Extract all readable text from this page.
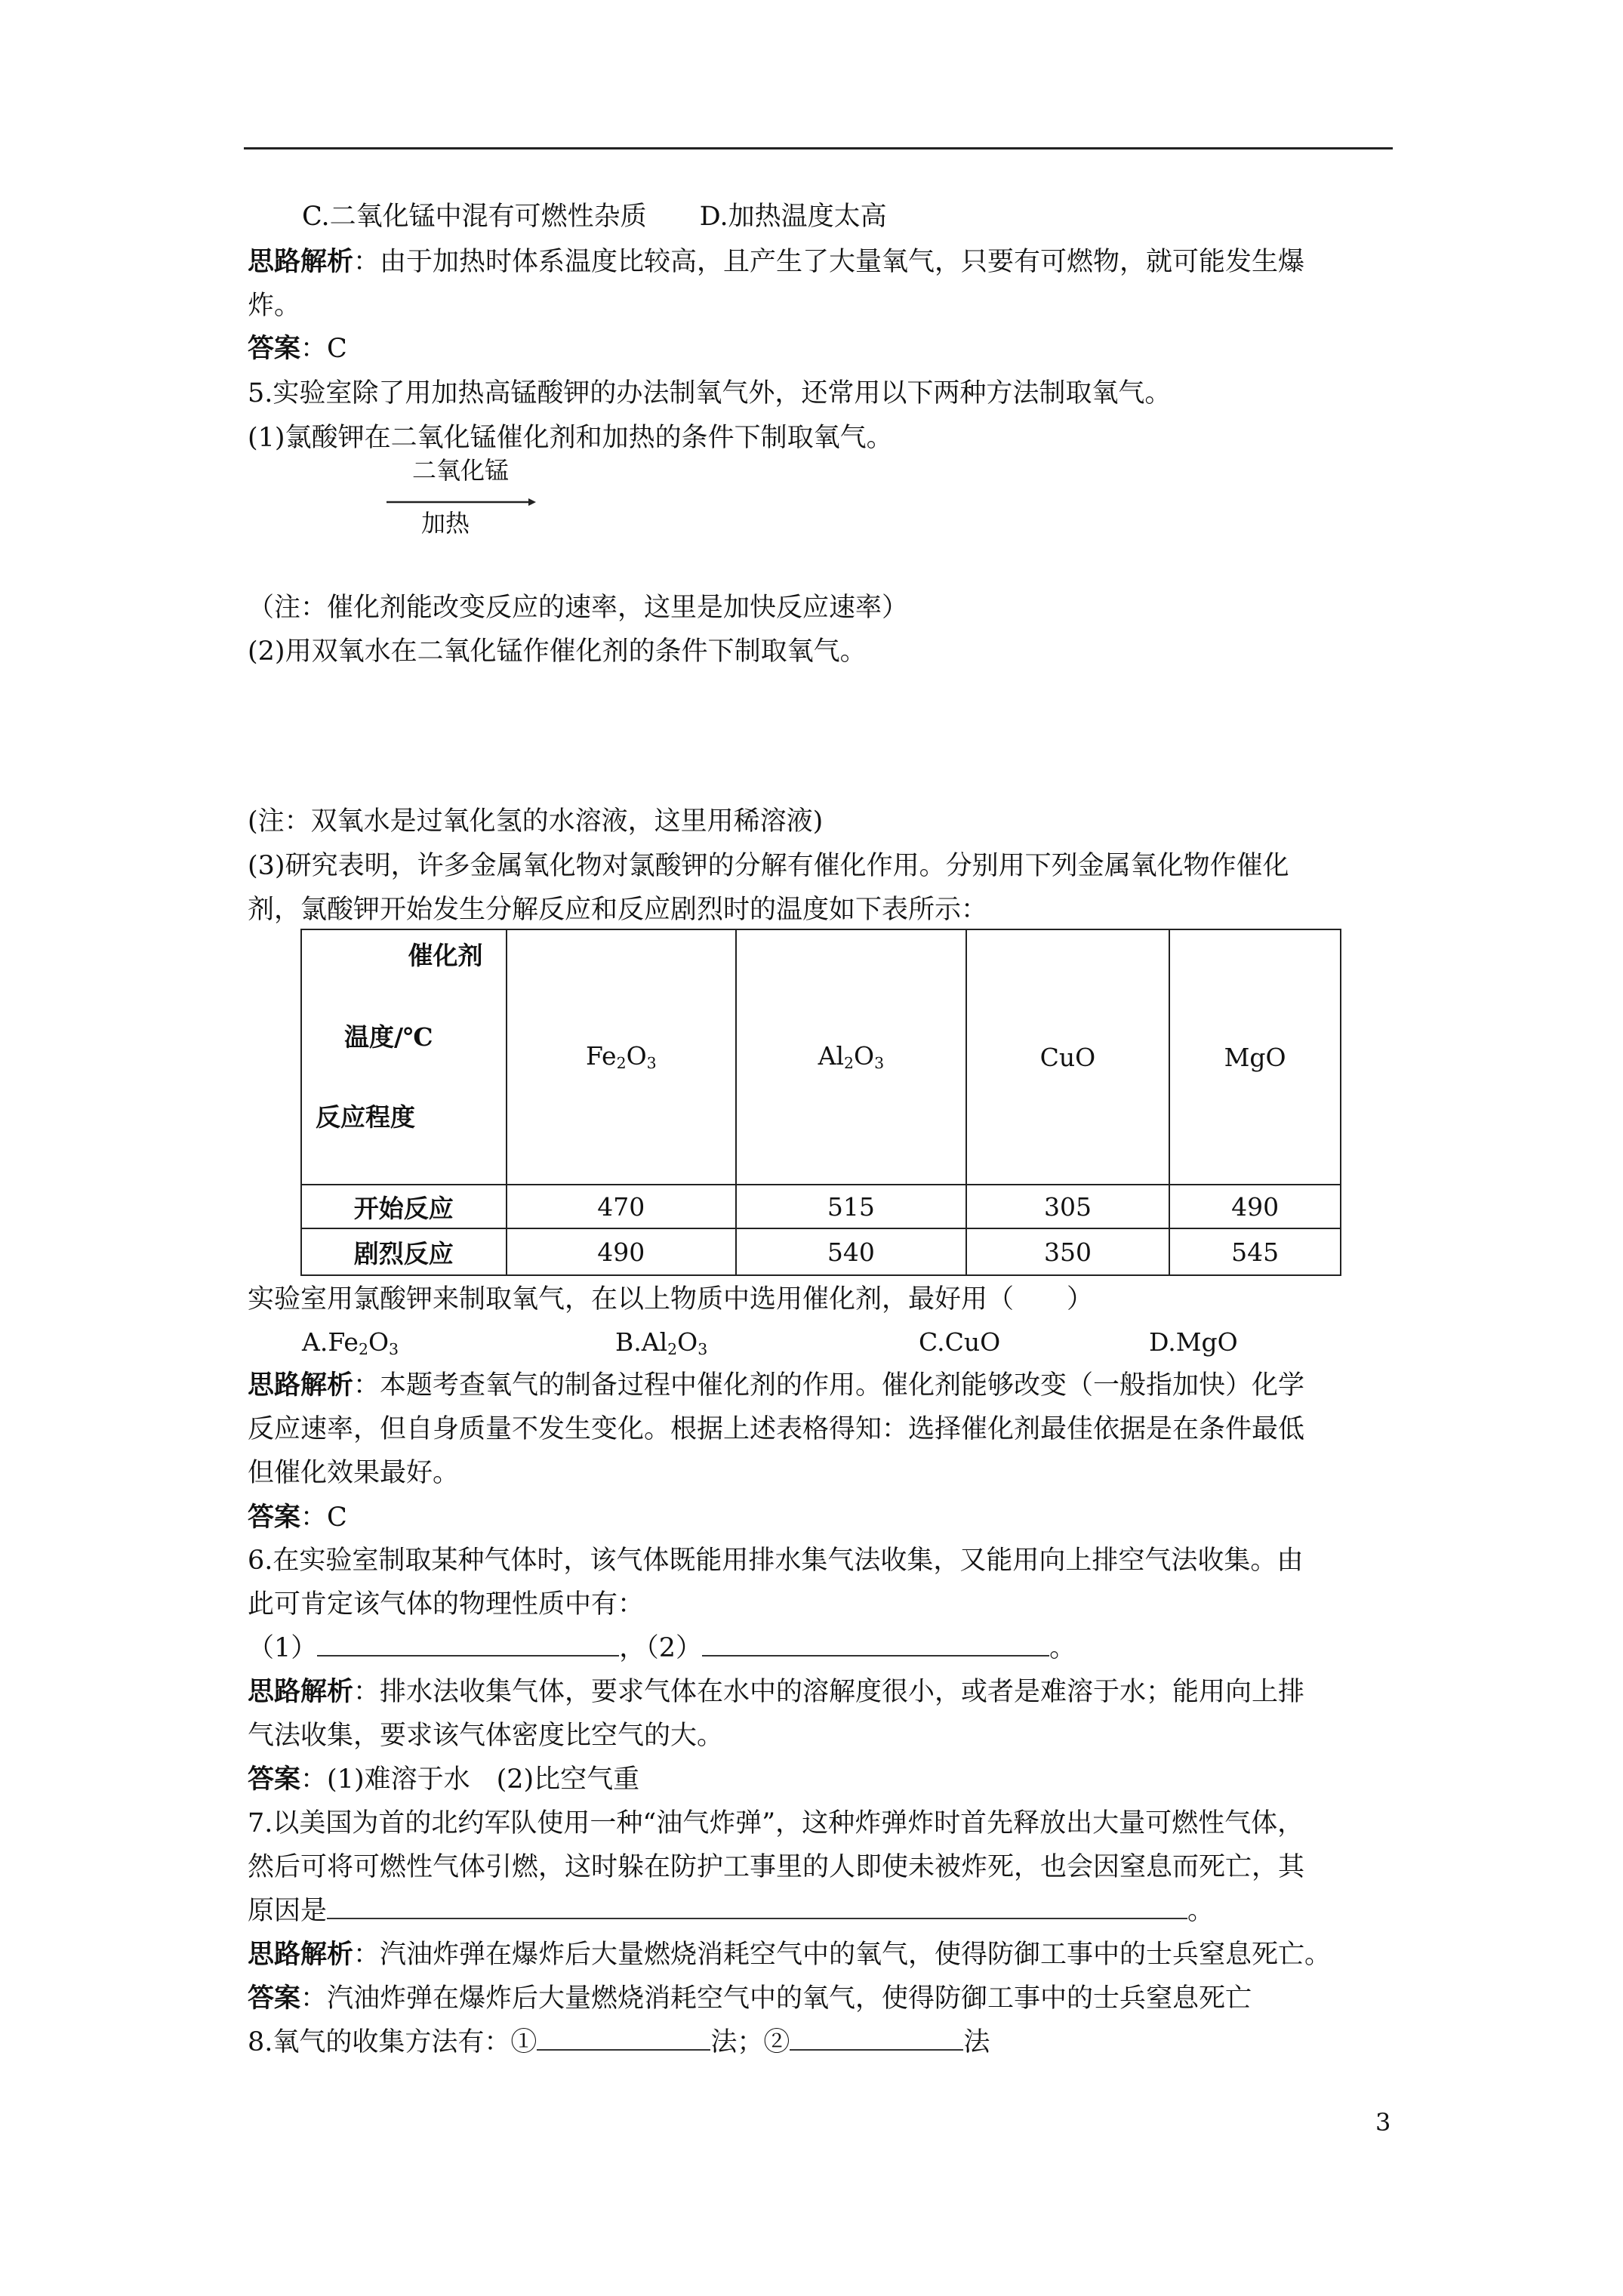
C.二氧化锰中混有可燃性杂质　　D.加热温度太高
思路解析：由于加热时体系温度比较高，且产生了大量氧气，只要有可燃物，就可能发生爆
炸。
答案：C
5.实验室除了用加热高锰酸钾的办法制氧气外，还常用以下两种方法制取氧气。
(1)氯酸钾在二氧化锰催化剂和加热的条件下制取氧气。
二氧化锰
加热
（注：催化剂能改变反应的速率，这里是加快反应速率）
(2)用双氧水在二氧化锰作催化剂的条件下制取氧气。
(注：双氧水是过氧化氢的水溶液，这里用稀溶液)
(3)研究表明，许多金属氧化物对氯酸钾的分解有催化作用。分别用下列金属氧化物作催化
剂，氯酸钾开始发生分解反应和反应剧烈时的温度如下表所示：
催化剂
温度/℃
反应程度	$Fe_2O_3$	$Al_2O_3$	CuO	MgO
开始反应	470	515	305	490
剧烈反应	490	540	350	545
实验室用氯酸钾来制取氧气，在以上物质中选用催化剂，最好用（　　）
$A.Fe_2O_3$	$B.Al_2O_3$	C.CuO	D.MgO
思路解析：本题考查氧气的制备过程中催化剂的作用。催化剂能够改变（一般指加快）化学
反应速率，但自身质量不发生变化。根据上述表格得知：选择催化剂最佳依据是在条件最低
但催化效果最好。
答案：C
6.在实验室制取某种气体时，该气体既能用排水集气法收集，又能用向上排空气法收集。由
此可肯定该气体的物理性质中有：
（1）	，（2）	。
思路解析：排水法收集气体，要求气体在水中的溶解度很小，或者是难溶于水；能用向上排
气法收集，要求该气体密度比空气的大。
答案：(1)难溶于水　(2)比空气重
7.以美国为首的北约军队使用一种“油气炸弹”，这种炸弹炸时首先释放出大量可燃性气体，
然后可将可燃性气体引燃，这时躲在防护工事里的人即使未被炸死，也会因窒息而死亡，其
原因是	。
思路解析：汽油炸弹在爆炸后大量燃烧消耗空气中的氧气，使得防御工事中的士兵窒息死亡。
答案：汽油炸弹在爆炸后大量燃烧消耗空气中的氧气，使得防御工事中的士兵窒息死亡
8.氧气的收集方法有：①	法；②	法
3
